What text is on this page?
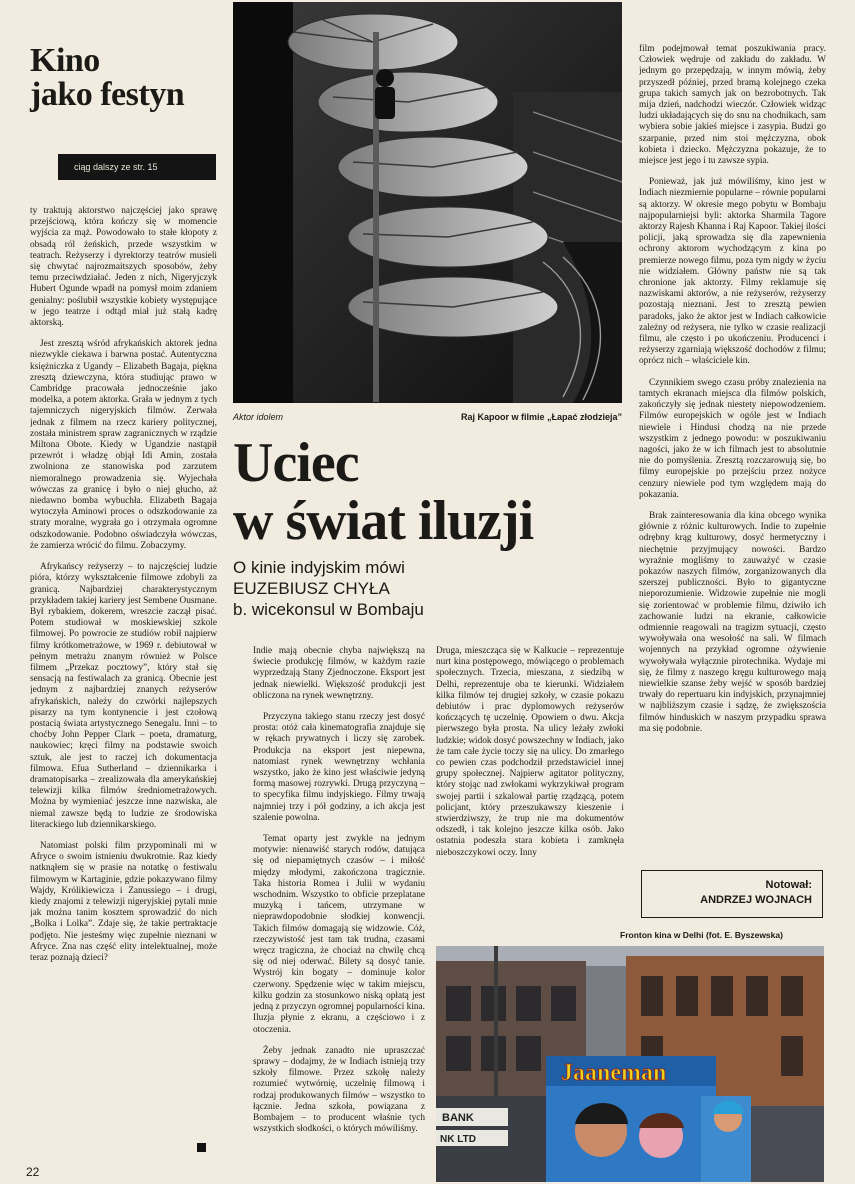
Kino
jako festyn
ciąg dalszy ze str. 15

ty traktują aktorstwo najczęściej jako sprawę przejściową, która kończy się w momencie wyjścia za mąż. Powodowało to stałe kłopoty z obsadą ról żeńskich, przede wszystkim w teatrach. Reżyserzy i dyrektorzy teatrów musieli się chwytać najrozmaitszych sposobów, żeby temu przeciwdziałać. Jeden z nich, Nigeryjczyk Hubert Ogunde wpadł na pomysł moim zdaniem genialny: poślubił wszystkie kobiety występujące w jego teatrze i odtąd miał już stałą kadrę aktorską.

Jest zresztą wśród afrykańskich aktorek jedna niezwykle ciekawa i barwna postać. Autentyczna księżniczka z Ugandy – Elizabeth Bagaja, piękna zresztą dziewczyna, która studiując prawo w Cambridge pracowała jednocześnie jako modelka, a potem aktorka. Grała w jednym z tych tajemniczych nigeryjskich filmów. Zerwała jednak z filmem na rzecz kariery politycznej, została ministrem spraw zagranicznych w rządzie Miltona Obote. Kiedy w Ugandzie nastąpił przewrót i władzę objął Idi Amin, została zwolniona ze stanowiska pod zarzutem niemoralnego prowadzenia się. Wyjechała wówczas za granicę i było o niej głucho, aż niedawno bomba wybuchła. Elizabeth Bagaja wytoczyła Aminowi proces o odszkodowanie za straty moralne, wygrała go i otrzymała ogromne odszkodowanie. Podobno oświadczyła wówczas, że zamierza wrócić do filmu. Zobaczymy.

Afrykańscy reżyserzy – to najczęściej ludzie pióra, którzy wykształcenie filmowe zdobyli za granicą. Najbardziej charakterystycznym przykładem takiej kariery jest Sembene Ousmane. Był rybakiem, dokerem, wreszcie zaczął pisać. Potem studiował w moskiewskiej szkole filmowej. Po powrocie ze studiów robił najpierw filmy krótkometrażowe, w 1969 r. debiutował w pełnym metrażu znanym również w Polsce filmem „Przekaz pocztowy”, który stał się sensacją na festiwalach za granicą. Obecnie jest jednym z najbardziej znanych reżyserów afrykańskich, należy do czwórki najlepszych pisarzy na tym kontynencie i jest czołową postacią świata artystycznego Senegalu. Inni – to choćby John Pepper Clark – poeta, dramaturg, naukowiec; kręci filmy na podstawie swoich sztuk, ale jest to raczej ich dokumentacja filmowa. Efua Sutherland – dziennikarka i dramatopisarka – zrealizowała dla amerykańskiej telewizji kilka filmów średniometrażowych. Można by wymieniać jeszcze inne nazwiska, ale niemal zawsze będą to ludzie ze środowiska literackiego lub dziennikarskiego.

Natomiast polski film przypominali mi w Afryce o swoim istnieniu dwukrotnie. Raz kiedy natknąłem się w prasie na notatkę o festiwalu filmowym w Kartaginie, gdzie pokazywano filmy Wajdy, Królikiewicza i Zanussiego – i drugi, kiedy znajomi z telewizji nigeryjskiej pytali mnie jak można tanim kosztem sprowadzić do nich „Bolka i Lolka”. Zdaje się, że takie pertraktacje podjęto. Nie jesteśmy więc zupełnie nieznani w Afryce. Zna nas część elity intelektualnej, może teraz poznają dzieci?

Aktor idolem	Raj Kapoor w filmie „Łapać złodzieja”
Uciec
w świat iluzji
O kinie indyjskim mówi
EUZEBIUSZ CHYŁA
b. wicekonsul w Bombaju

Indie mają obecnie chyba największą na świecie produkcję filmów, w każdym razie wyprzedzają Stany Zjednoczone. Eksport jest jednak niewielki. Większość produkcji jest obliczona na rynek wewnętrzny.

Przyczyna takiego stanu rzeczy jest dosyć prosta: otóż cała kinematografia znajduje się w rękach prywatnych i liczy się zarobek. Produkcja na eksport jest niepewna, natomiast rynek wewnętrzny wchłania wszystko, jako że kino jest właściwie jedyną formą masowej rozrywki. Drugą przyczyną – to specyfika filmu indyjskiego. Filmy trwają najmniej trzy i pół godziny, a ich akcja jest szalenie powolna.

Temat oparty jest zwykle na jednym motywie: nienawiść starych rodów, datująca się od niepamiętnych czasów – i miłość między młodymi, zakończona tragicznie. Taka historia Romea i Julii w wydaniu wschodnim. Wszystko to obficie przeplatane muzyką i tańcem, utrzymane w nieprawdopodobnie słodkiej konwencji. Takich filmów domagają się widzowie. Cóż, rzeczywistość jest tam tak trudna, czasami wręcz tragiczna, że chociaż na chwilę chcą się od niej oderwać. Bilety są dosyć tanie. Wystrój kin bogaty – dominuje kolor czerwony. Spędzenie więc w takim miejscu, kilku godzin za stosunkowo niską opłatą jest jedną z przyczyn ogromnej popularności kina. Iluzja płynie z ekranu, a częściowo i z otoczenia.

Żeby jednak zanadto nie upraszczać sprawy – dodajmy, że w Indiach istnieją trzy szkoły filmowe. Przez szkołę należy rozumieć wytwórnię, uczelnię filmową i rodzaj produkowanych filmów – wszystko to łącznie. Jedna szkoła, powiązana z Bombajem – to producent właśnie tych wszystkich słodkości, o których mówiliśmy.

Druga, mieszcząca się w Kalkucie – reprezentuje nurt kina postępowego, mówiącego o problemach społecznych. Trzecia, mieszana, z siedzibą w Delhi, reprezentuje oba te kierunki. Widziałem kilka filmów tej drugiej szkoły, w czasie pokazu debiutów i prac dyplomowych reżyserów kończących tę uczelnię. Opowiem o dwu. Akcja pierwszego była prosta. Na ulicy leżały zwłoki ludzkie; widok dosyć powszechny w Indiach, jako że tam całe życie toczy się na ulicy. Do zmarłego co pewien czas podchodził przedstawiciel innej grupy społecznej. Najpierw agitator polityczny, który stojąc nad zwłokami wykrzykiwał program swojej partii i szkalował partię rządzącą, potem policjant, który przeszukawszy kieszenie i stwierdziwszy, że trup nie ma dokumentów odszedł, i tak kolejno jeszcze kilka osób. Jako ostatnia podeszła stara kobieta i zamknęła nieboszczykowi oczy. Inny

film podejmował temat poszukiwania pracy. Człowiek wędruje od zakładu do zakładu. W jednym go przepędzają, w innym mówią, żeby przyszedł później, przed bramą kolejnego czeka grupa takich samych jak on bezrobotnych. Tak mija dzień, nadchodzi wieczór. Człowiek widząc ludzi układających się do snu na chodnikach, sam wybiera sobie jakieś miejsce i zasypia. Budzi go szarpanie, przed nim stoi mężczyzna, obok kobieta i dziecko. Mężczyzna pokazuje, że to miejsce jest jego i tu zawsze sypia.

Ponieważ, jak już mówiliśmy, kino jest w Indiach niezmiernie popularne – równie popularni są aktorzy. W okresie mego pobytu w Bombaju najpopularniejsi byli: aktorka Sharmila Tagore aktorzy Rajesh Khanna i Raj Kapoor. Takiej ilości policji, jaką sprowadza się dla zapewnienia ochrony aktorom wychodzącym z kina po premierze nowego filmu, poza tym nigdy w życiu nie widziałem. Główny państw nie są tak chronione jak aktorzy. Filmy reklamuje się nazwiskami aktorów, a nie reżyserów, reżyserzy pozostają nieznani. Jest to zresztą pewien paradoks, jako że aktor jest w Indiach całkowicie zależny od reżysera, nie tylko w czasie realizacji filmu, ale często i po ukończeniu. Producenci i reżyserzy zgarniają większość dochodów z filmu; oprócz nich – właściciele kin.

Czynnikiem swego czasu próby znalezienia na tamtych ekranach miejsca dla filmów polskich, zakończyły się jednak niestety niepowodzeniem. Filmów europejskich w ogóle jest w Indiach niewiele i Hindusi chodzą na nie przede wszystkim z jednego powodu: w poszukiwaniu nagości, jako że w ich filmach jest to absolutnie nie do pomyślenia. Zresztą rozczarowują się, bo filmy europejskie po przejściu przez nożyce cenzury niewiele pod tym względem mają do pokazania.

Brak zainteresowania dla kina obcego wynika głównie z różnic kulturowych. Indie to zupełnie odrębny krąg kulturowy, dosyć hermetyczny i niechętnie przyjmujący nowości. Bardzo wyraźnie mogliśmy to zauważyć w czasie pokazów naszych filmów, zorganizowanych dla szerszej publiczności. Było to gigantyczne nieporozumienie. Widzowie zupełnie nie mogli się zorientować w problemie filmu, dziwiło ich zachowanie ludzi na ekranie, całkowicie odmiennie reagowali na tragizm sytuacji, często wywoływała ona wesołość na sali. W filmach wojennych na przykład ogromne ożywienie wywoływała wyłącznie pirotechnika. Wydaje mi się, że filmy z naszego kręgu kulturowego mają niewielkie szanse żeby wejść w sposób bardziej trwały do repertuaru kin indyjskich, przynajmniej w najbliższym czasie i sądzę, że zwiększościa filmów hinduskich w naszym przypadku sprawa ma się podobnie.

Notował:
ANDRZEJ WOJNACH
Fronton kina w Delhi (fot. E. Byszewska)
BANK
NK LTD
Jaaneman
22
